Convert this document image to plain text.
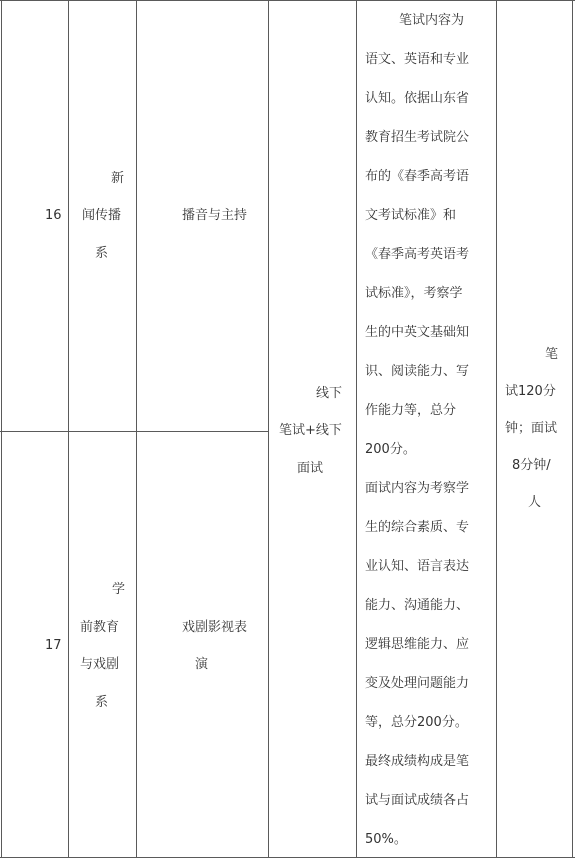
16
新
闻传播
系
播音与主持
17
学
前教育
与戏剧
系
戏剧影视表
演
线下
笔试+线下
面试
笔试内容为
语文、英语和专业
认知。依据山东省
教育招生考试院公
布的《春季高考语
文考试标准》和
《春季高考英语考
试标准》，考察学
生的中英文基础知
识、阅读能力、写
作能力等，总分
200分。
面试内容为考察学
生的综合素质、专
业认知、语言表达
能力、沟通能力、
逻辑思维能力、应
变及处理问题能力
等，总分200分。
最终成绩构成是笔
试与面试成绩各占
50%。
笔
试120分
钟；面试
8分钟/
人
